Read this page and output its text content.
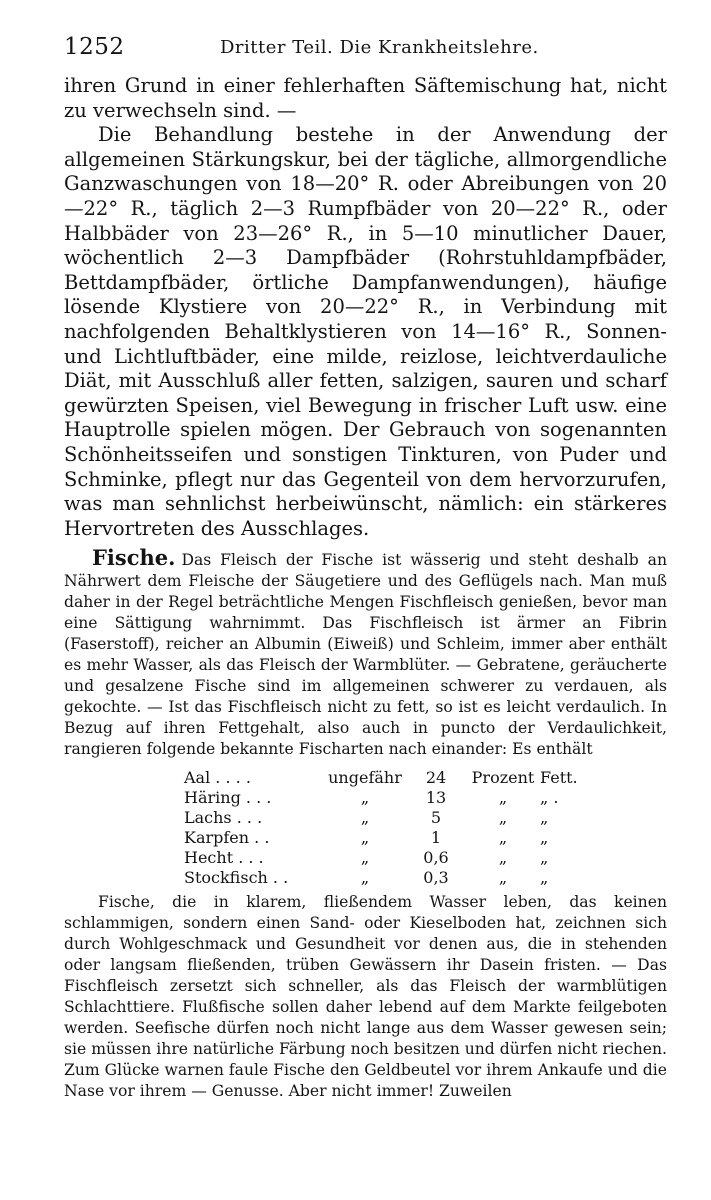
1252	Dritter Teil. Die Krankheitslehre.

ihren Grund in einer fehlerhaften Säftemischung hat, nicht zu verwechseln sind. —

Die Behandlung bestehe in der Anwendung der allgemeinen Stärkungskur, bei der tägliche, allmorgendliche Ganzwaschungen von 18—20° R. oder Abreibungen von 20—22° R., täglich 2—3 Rumpfbäder von 20—22° R., oder Halbbäder von 23—26° R., in 5—10 minutlicher Dauer, wöchentlich 2—3 Dampfbäder (Rohrstuhldampfbäder, Bettdampfbäder, örtliche Dampfanwendungen), häufige lösende Klystiere von 20—22° R., in Verbindung mit nachfolgenden Behaltklystieren von 14—16° R., Sonnen- und Lichtluftbäder, eine milde, reizlose, leichtverdauliche Diät, mit Ausschluß aller fetten, salzigen, sauren und scharf gewürzten Speisen, viel Bewegung in frischer Luft usw. eine Hauptrolle spielen mögen. Der Gebrauch von sogenannten Schönheitsseifen und sonstigen Tinkturen, von Puder und Schminke, pflegt nur das Gegenteil von dem hervorzurufen, was man sehnlichst herbeiwünscht, nämlich: ein stärkeres Hervortreten des Ausschlages.

Fische. Das Fleisch der Fische ist wässerig und steht deshalb an Nährwert dem Fleische der Säugetiere und des Geflügels nach. Man muß daher in der Regel beträchtliche Mengen Fischfleisch genießen, bevor man eine Sättigung wahrnimmt. Das Fischfleisch ist ärmer an Fibrin (Faserstoff), reicher an Albumin (Eiweiß) und Schleim, immer aber enthält es mehr Wasser, als das Fleisch der Warmblüter. — Gebratene, geräucherte und gesalzene Fische sind im allgemeinen schwerer zu verdauen, als gekochte. — Ist das Fischfleisch nicht zu fett, so ist es leicht verdaulich. In Bezug auf ihren Fettgehalt, also auch in puncto der Verdaulichkeit, rangieren folgende bekannte Fischarten nach einander: Es enthält

Aal . . . .	ungefähr	24	Prozent	Fett.
Häring . . .	„	13	„	„ .
Lachs . . .	„	5	„	„
Karpfen . .	„	1	„	„
Hecht . . .	„	0,6	„	„
Stockfisch . .	„	0,3	„	„

Fische, die in klarem, fließendem Wasser leben, das keinen schlammigen, sondern einen Sand- oder Kieselboden hat, zeichnen sich durch Wohlgeschmack und Gesundheit vor denen aus, die in stehenden oder langsam fließenden, trüben Gewässern ihr Dasein fristen. — Das Fischfleisch zersetzt sich schneller, als das Fleisch der warmblütigen Schlachttiere. Flußfische sollen daher lebend auf dem Markte feilgeboten werden. Seefische dürfen noch nicht lange aus dem Wasser gewesen sein; sie müssen ihre natürliche Färbung noch besitzen und dürfen nicht riechen. Zum Glücke warnen faule Fische den Geldbeutel vor ihrem Ankaufe und die Nase vor ihrem — Genusse. Aber nicht immer! Zuweilen
